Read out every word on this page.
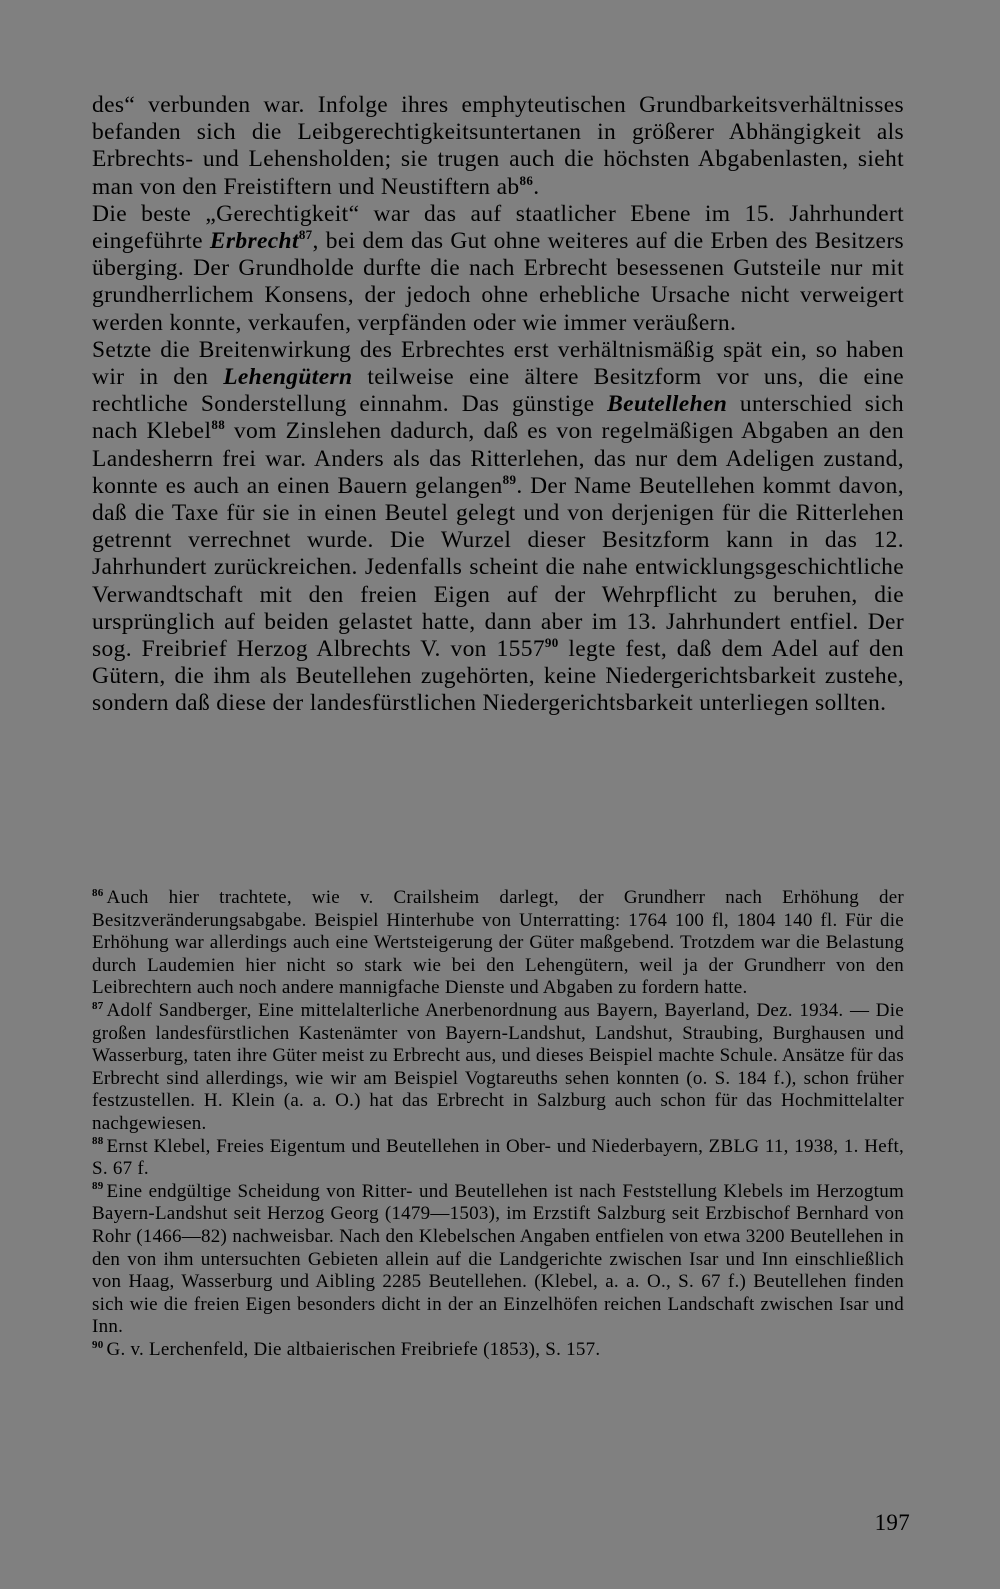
des“ verbunden war. Infolge ihres emphyteutischen Grundbarkeitsverhältnisses befanden sich die Leibgerechtigkeitsuntertanen in größerer Abhängigkeit als Erbrechts- und Lehensholden; sie trugen auch die höchsten Abgabenlasten, sieht man von den Freistiftern und Neustiftern ab$^{86}$.

Die beste „Gerechtigkeit“ war das auf staatlicher Ebene im 15. Jahrhundert eingeführte Erbrecht$^{87}$, bei dem das Gut ohne weiteres auf die Erben des Besitzers überging. Der Grundholde durfte die nach Erbrecht besessenen Gutsteile nur mit grundherrlichem Konsens, der jedoch ohne erhebliche Ursache nicht verweigert werden konnte, verkaufen, verpfänden oder wie immer veräußern.

Setzte die Breitenwirkung des Erbrechtes erst verhältnismäßig spät ein, so haben wir in den Lehengütern teilweise eine ältere Besitzform vor uns, die eine rechtliche Sonderstellung einnahm. Das günstige Beutellehen unterschied sich nach Klebel$^{88}$ vom Zinslehen dadurch, daß es von regelmäßigen Abgaben an den Landesherrn frei war. Anders als das Ritterlehen, das nur dem Adeligen zustand, konnte es auch an einen Bauern gelangen$^{89}$. Der Name Beutellehen kommt davon, daß die Taxe für sie in einen Beutel gelegt und von derjenigen für die Ritterlehen getrennt verrechnet wurde. Die Wurzel dieser Besitzform kann in das 12. Jahrhundert zurückreichen. Jedenfalls scheint die nahe entwicklungsgeschichtliche Verwandtschaft mit den freien Eigen auf der Wehrpflicht zu beruhen, die ursprünglich auf beiden gelastet hatte, dann aber im 13. Jahrhundert entfiel. Der sog. Freibrief Herzog Albrechts V. von 1557$^{90}$ legte fest, daß dem Adel auf den Gütern, die ihm als Beutellehen zugehörten, keine Niedergerichtsbarkeit zustehe, sondern daß diese der landesfürstlichen Niedergerichtsbarkeit unterliegen sollten.

$^{86}$ Auch hier trachtete, wie v. Crailsheim darlegt, der Grundherr nach Erhöhung der Besitzveränderungsabgabe. Beispiel Hinterhube von Unterratting: 1764 100 fl, 1804 140 fl. Für die Erhöhung war allerdings auch eine Wertsteigerung der Güter maßgebend. Trotzdem war die Belastung durch Laudemien hier nicht so stark wie bei den Lehengütern, weil ja der Grundherr von den Leibrechtern auch noch andere mannigfache Dienste und Abgaben zu fordern hatte.

$^{87}$ Adolf Sandberger, Eine mittelalterliche Anerbenordnung aus Bayern, Bayerland, Dez. 1934. — Die großen landesfürstlichen Kastenämter von Bayern-Landshut, Landshut, Straubing, Burghausen und Wasserburg, taten ihre Güter meist zu Erbrecht aus, und dieses Beispiel machte Schule. Ansätze für das Erbrecht sind allerdings, wie wir am Beispiel Vogtareuths sehen konnten (o. S. 184 f.), schon früher festzustellen. H. Klein (a. a. O.) hat das Erbrecht in Salzburg auch schon für das Hochmittelalter nachgewiesen.

$^{88}$ Ernst Klebel, Freies Eigentum und Beutellehen in Ober- und Niederbayern, ZBLG 11, 1938, 1. Heft, S. 67 f.

$^{89}$ Eine endgültige Scheidung von Ritter- und Beutellehen ist nach Feststellung Klebels im Herzogtum Bayern-Landshut seit Herzog Georg (1479—1503), im Erzstift Salzburg seit Erzbischof Bernhard von Rohr (1466—82) nachweisbar. Nach den Klebelschen Angaben entfielen von etwa 3200 Beutellehen in den von ihm untersuchten Gebieten allein auf die Landgerichte zwischen Isar und Inn einschließlich von Haag, Wasserburg und Aibling 2285 Beutellehen. (Klebel, a. a. O., S. 67 f.) Beutellehen finden sich wie die freien Eigen besonders dicht in der an Einzelhöfen reichen Landschaft zwischen Isar und Inn.

$^{90}$ G. v. Lerchenfeld, Die altbaierischen Freibriefe (1853), S. 157.

197
